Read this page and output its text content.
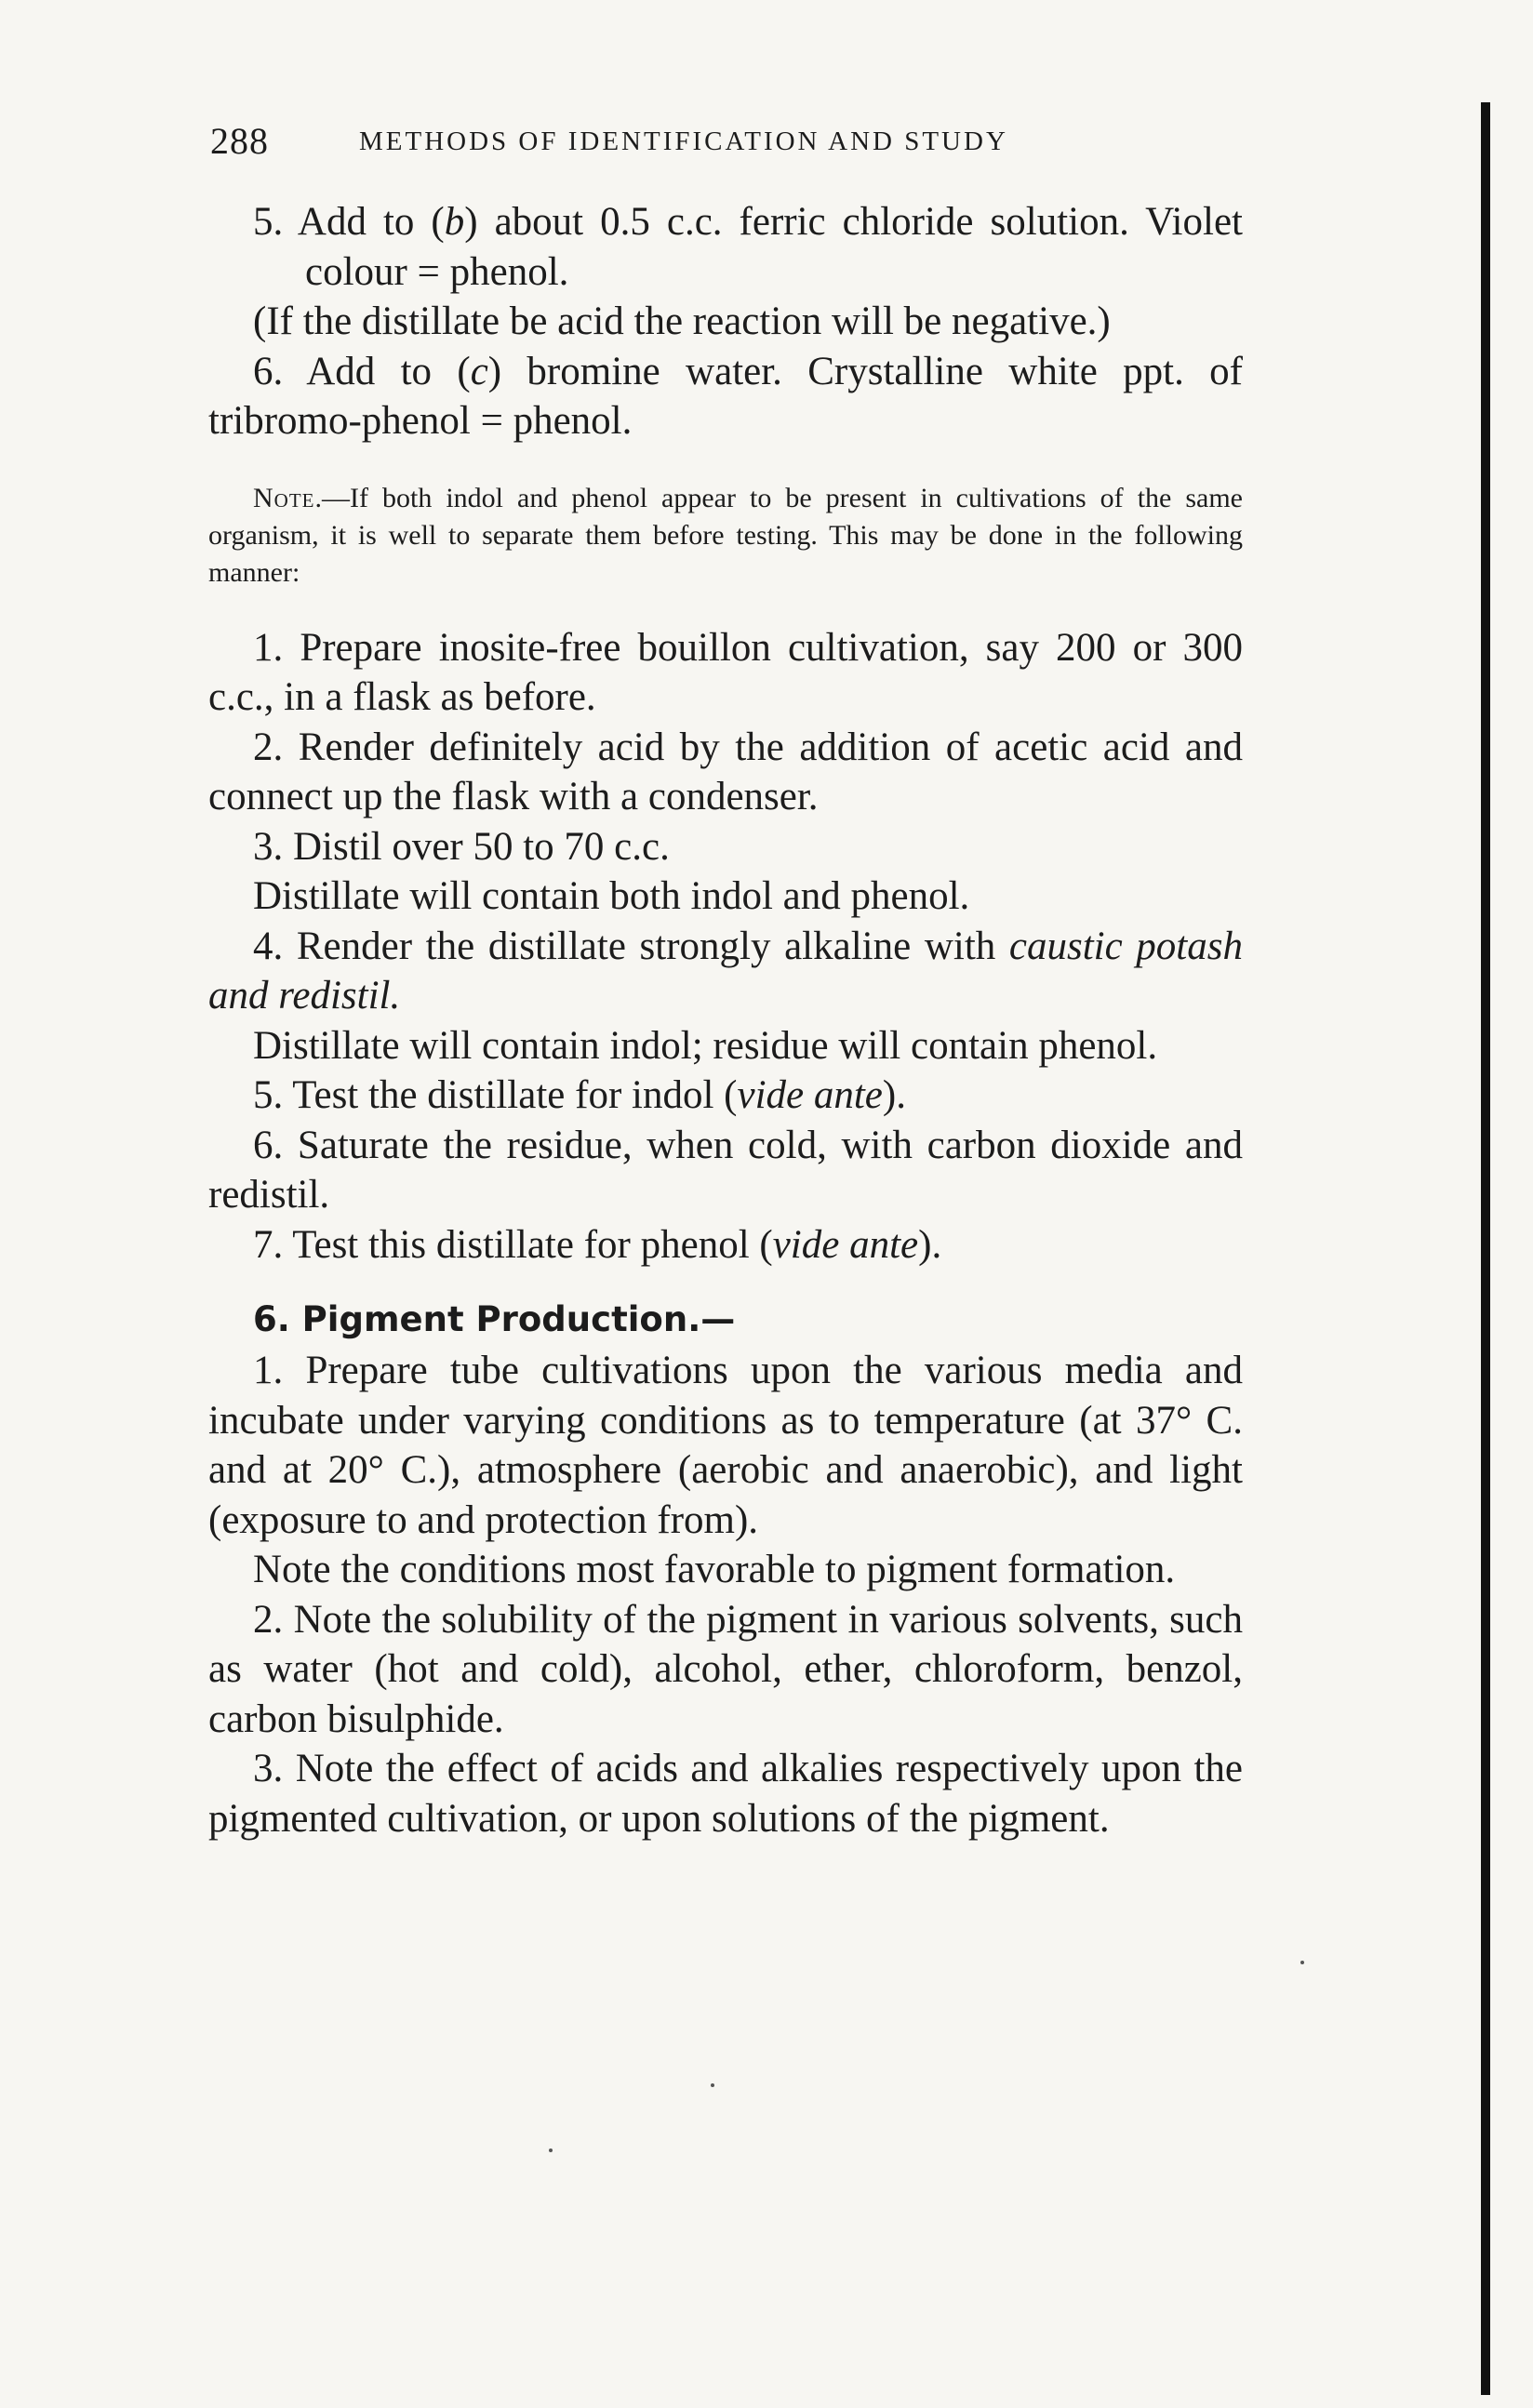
288	METHODS OF IDENTIFICATION AND STUDY

5. Add to (b) about 0.5 c.c. ferric chloride solution. Violet colour = phenol.

(If the distillate be acid the reaction will be negative.)

6. Add to (c) bromine water. Crystalline white ppt. of tribromo-phenol = phenol.

Note.—If both indol and phenol appear to be present in cultivations of the same organism, it is well to separate them before testing. This may be done in the following manner:

1. Prepare inosite-free bouillon cultivation, say 200 or 300 c.c., in a flask as before.

2. Render definitely acid by the addition of acetic acid and connect up the flask with a condenser.

3. Distil over 50 to 70 c.c.

Distillate will contain both indol and phenol.

4. Render the distillate strongly alkaline with caustic potash and redistil.

Distillate will contain indol; residue will contain phenol.

5. Test the distillate for indol (vide ante).

6. Saturate the residue, when cold, with carbon dioxide and redistil.

7. Test this distillate for phenol (vide ante).

6. Pigment Production.—

1. Prepare tube cultivations upon the various media and incubate under varying conditions as to temperature (at 37° C. and at 20° C.), atmosphere (aerobic and anaerobic), and light (exposure to and protection from).

Note the conditions most favorable to pigment formation.

2. Note the solubility of the pigment in various solvents, such as water (hot and cold), alcohol, ether, chloroform, benzol, carbon bisulphide.

3. Note the effect of acids and alkalies respectively upon the pigmented cultivation, or upon solutions of the pigment.
